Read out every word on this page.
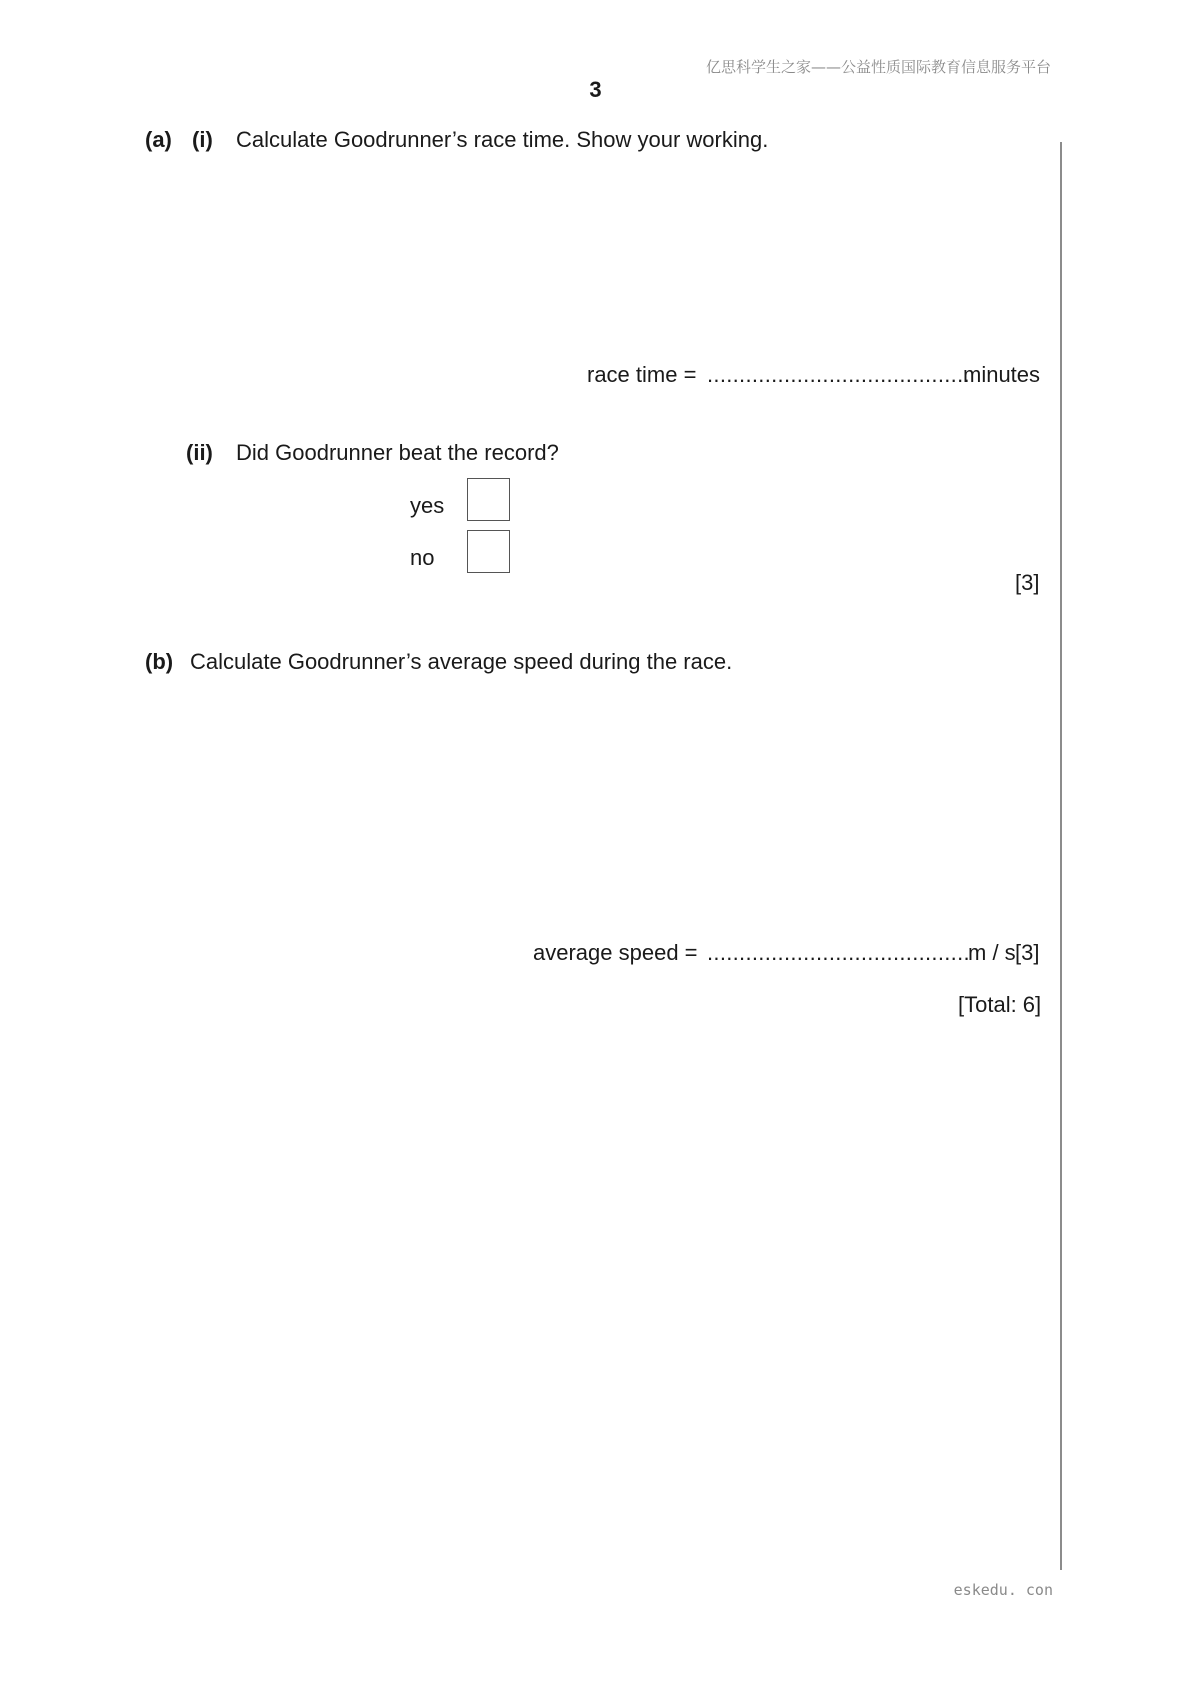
亿思科学生之家——公益性质国际教育信息服务平台
3
(a) (i) Calculate Goodrunner’s race time. Show your working.
race time = .........................................
minutes
(ii) Did Goodrunner beat the record?
yes
no
[3]
(b) Calculate Goodrunner’s average speed during the race.
average speed = .........................................
m / s [3]
[Total: 6]
eskedu. con
